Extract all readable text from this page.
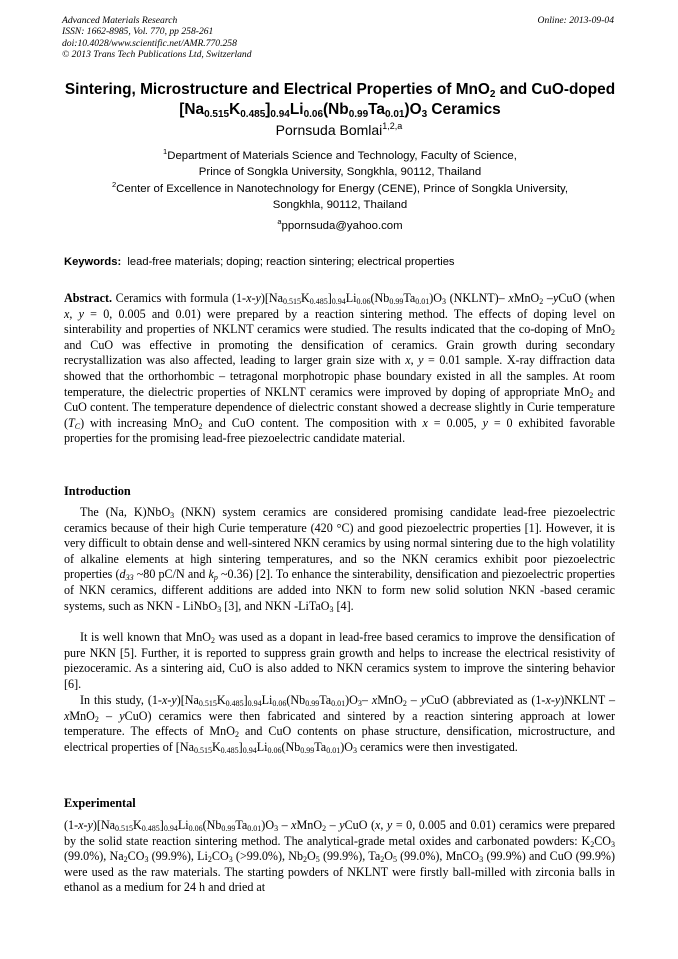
Advanced Materials Research
ISSN: 1662-8985, Vol. 770, pp 258-261
doi:10.4028/www.scientific.net/AMR.770.258
© 2013 Trans Tech Publications Ltd, Switzerland
Online: 2013-09-04
Sintering, Microstructure and Electrical Properties of MnO$_2$ and CuO-doped $[Na_{0.515}K_{0.485}]_{0.94}Li_{0.06}(Nb_{0.99}Ta_{0.01})O_3$ Ceramics
Pornsuda Bomlai$^{1,2,a}$
$^1$Department of Materials Science and Technology, Faculty of Science,
Prince of Songkla University, Songkhla, 90112, Thailand
$^2$Center of Excellence in Nanotechnology for Energy (CENE), Prince of Songkla University,
Songkhla, 90112, Thailand
$^a$ppornsuda@yahoo.com
Keywords:  lead-free materials; doping; reaction sintering; electrical properties
Abstract. Ceramics with formula $(1-x-y)[Na_{0.515}K_{0.485}]_{0.94}Li_{0.06}(Nb_{0.99}Ta_{0.01})O_3$ (NKLNT)– xMnO$_2$ –yCuO (when x, y = 0, 0.005 and 0.01) were prepared by a reaction sintering method. The effects of doping level on sinterability and properties of NKLNT ceramics were studied. The results indicated that the co-doping of MnO$_2$ and CuO was effective in promoting the densification of ceramics. Grain growth during secondary recrystallization was also affected, leading to larger grain size with x, y = 0.01 sample. X-ray diffraction data showed that the orthorhombic – tetragonal morphotropic phase boundary existed in all the samples. At room temperature, the dielectric properties of NKLNT ceramics were improved by doping of appropriate MnO$_2$ and CuO content. The temperature dependence of dielectric constant showed a decrease slightly in Curie temperature $(T_C)$ with increasing MnO$_2$ and CuO content. The composition with x = 0.005, y = 0 exhibited favorable properties for the promising lead-free piezoelectric candidate material.
Introduction
The (Na, K)NbO$_3$ (NKN) system ceramics are considered promising candidate lead-free piezoelectric ceramics because of their high Curie temperature (420 °C) and good piezoelectric properties [1]. However, it is very difficult to obtain dense and well-sintered NKN ceramics by using normal sintering due to the high volatility of alkaline elements at high sintering temperatures, and so the NKN ceramics exhibit poor piezoelectric properties ($d_{33}$ ~80 pC/N and $k_p$ ~0.36) [2]. To enhance the sinterability, densification and piezoelectric properties of NKN ceramics, different additions are added into NKN to form new solid solution NKN -based ceramic systems, such as NKN - LiNbO$_3$ [3], and NKN -LiTaO$_3$ [4].
It is well known that MnO$_2$ was used as a dopant in lead-free based ceramics to improve the densification of pure NKN [5]. Further, it is reported to suppress grain growth and helps to increase the electrical resistivity of piezoceramic. As a sintering aid, CuO is also added to NKN ceramics system to improve the sintering behavior [6].
In this study, $(1-x-y)[Na_{0.515}K_{0.485}]_{0.94}Li_{0.06}(Nb_{0.99}Ta_{0.01})O_3-$ xMnO$_2$ – yCuO (abbreviated as (1-x-y)NKLNT – xMnO$_2$ – yCuO) ceramics were then fabricated and sintered by a reaction sintering approach at lower temperature. The effects of MnO$_2$ and CuO contents on phase structure, densification, microstructure, and electrical properties of $[Na_{0.515}K_{0.485}]_{0.94}Li_{0.06}(Nb_{0.99}Ta_{0.01})O_3$ ceramics were then investigated.
Experimental
$(1-x-y)[Na_{0.515}K_{0.485}]_{0.94}Li_{0.06}(Nb_{0.99}Ta_{0.01})O_3$ – xMnO$_2$ – yCuO (x, y = 0, 0.005 and 0.01) ceramics were prepared by the solid state reaction sintering method. The analytical-grade metal oxides and carbonated powders: $K_2CO_3$ (99.0%), $Na_2CO_3$ (99.9%), $Li_2CO_3$ (>99.0%), $Nb_2O_5$ (99.9%), $Ta_2O_5$ (99.0%), MnCO$_3$ (99.9%) and CuO (99.9%) were used as the raw materials. The starting powders of NKLNT were firstly ball-milled with zirconia balls in ethanol as a medium for 24 h and dried at
